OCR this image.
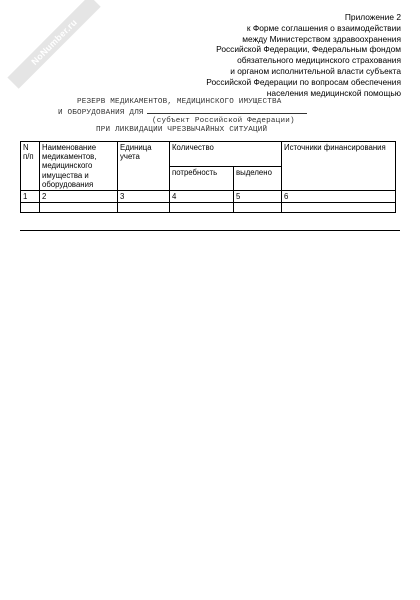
NoNumber.ru
Приложение 2
к Форме соглашения о взаимодействии
между Министерством здравоохранения
Российской Федерации, Федеральным фондом
обязательного медицинского страхования
и органом исполнительной власти субъекта
Российской Федерации по вопросам обеспечения
населения медицинской помощью
РЕЗЕРВ МЕДИКАМЕНТОВ, МЕДИЦИНСКОГО ИМУЩЕСТВА
И ОБОРУДОВАНИЯ ДЛЯ
(субъект Российской Федерации)
ПРИ ЛИКВИДАЦИИ ЧРЕЗВЫЧАЙНЫХ СИТУАЦИЙ
N п/п	Наименование медикаментов, медицинского имущества и оборудования	Единица учета	Количество		Источники финансирования
			потребность	выделено	
1	2	3	4	5	6
